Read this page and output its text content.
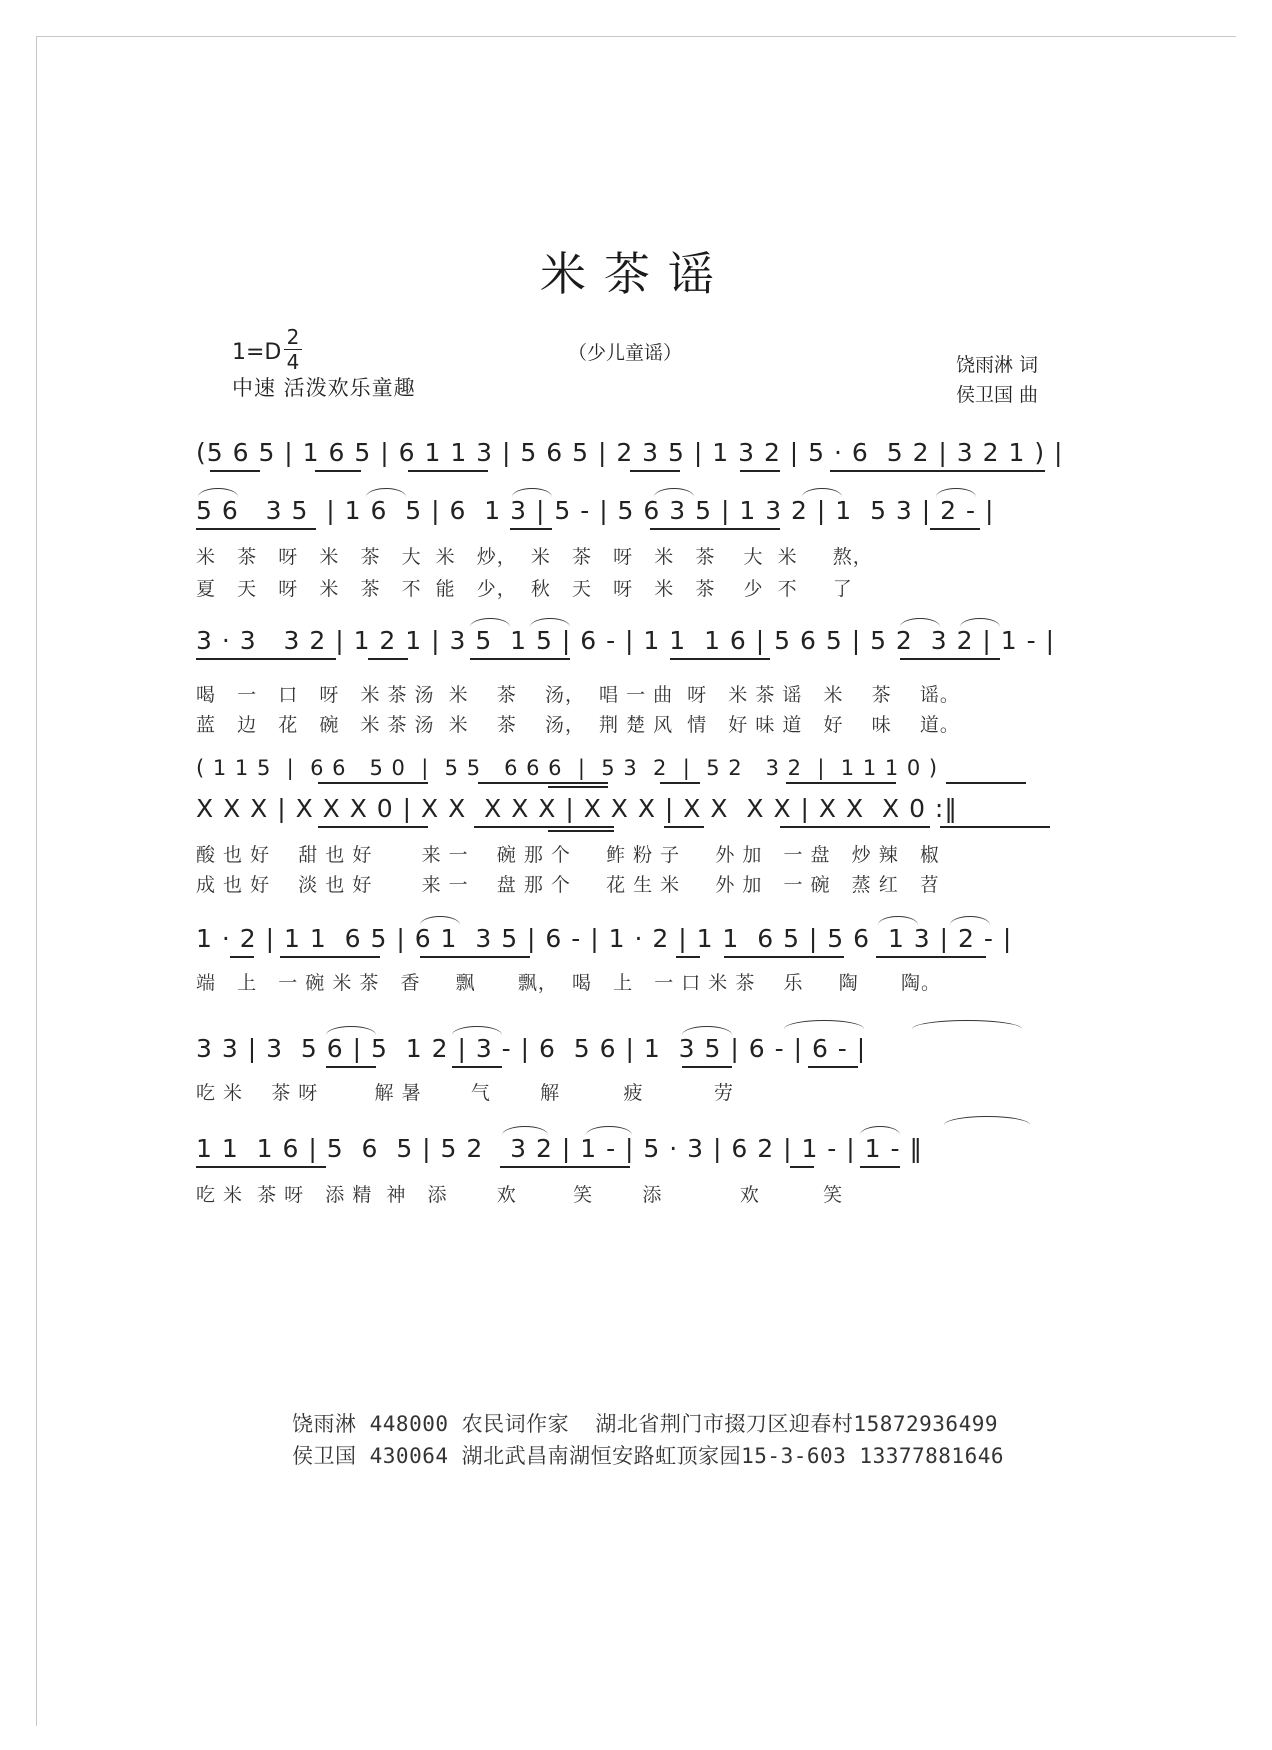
米茶谣
1=D
2
4
中速 活泼欢乐童趣
（少儿童谣）
饶雨淋 词
侯卫国 曲
(5 6 5 | 1 6 5 | 6 1 1 3 | 5 6 5 | 2 3 5 | 1 3 2 | 5 · 6  5 2 | 3 2 1 ) |
5 6   3 5  | 1 6  5 | 6  1 3 | 5 - | 5 6 3 5 | 1 3 2 | 1  5 3 | 2 - |
米   茶   呀   米   茶   大  米   炒，  米   茶   呀   米   茶    大  米     熬，
夏   天   呀   米   茶   不  能   少，  秋   天   呀   米   茶    少  不     了
3 · 3   3 2 | 1 2 1 | 3 5  1 5 | 6 - | 1 1  1 6 | 5 6 5 | 5 2  3 2 | 1 - |
喝   一   口   呀   米 茶 汤  米    茶    汤，  唱 一 曲  呀   米 茶 谣   米    茶    谣。
蓝   边   花   碗   米 茶 汤  米    茶    汤，  荆 楚 风  情   好 味 道   好    味    道。
( 1 1 5  |  6 6   5 0  |  5 5   6 6 6  |  5 3  2  |  5 2   3 2  |  1 1 1 0 )
X X X | X X X 0 | X X  X X X | X X X | X X  X X | X X  X 0 :‖
酸 也 好    甜 也 好       来 一    碗 那 个     鲊 粉 子     外 加   一 盘   炒 辣   椒
成 也 好    淡 也 好       来 一    盘 那 个     花 生 米     外 加   一 碗   蒸 红   苕
1 · 2 | 1 1  6 5 | 6 1  3 5 | 6 - | 1 · 2 | 1 1  6 5 | 5 6  1 3 | 2 - |
端   上   一 碗 米 茶   香     飘      飘，  喝   上   一 口 米 茶    乐     陶      陶。
3 3 | 3  5 6 | 5  1 2 | 3 - | 6  5 6 | 1  3 5 | 6 - | 6 - |
吃 米    茶 呀        解 暑       气       解         疲          劳
1 1  1 6 | 5  6  5 | 5 2   3 2 | 1 - | 5 · 3 | 6 2 | 1 - | 1 - ‖
吃 米  茶 呀   添 精  神   添       欢        笑       添           欢         笑
饶雨淋 448000 农民词作家  湖北省荆门市掇刀区迎春村15872936499
侯卫国 430064 湖北武昌南湖恒安路虹顶家园15-3-603 13377881646
